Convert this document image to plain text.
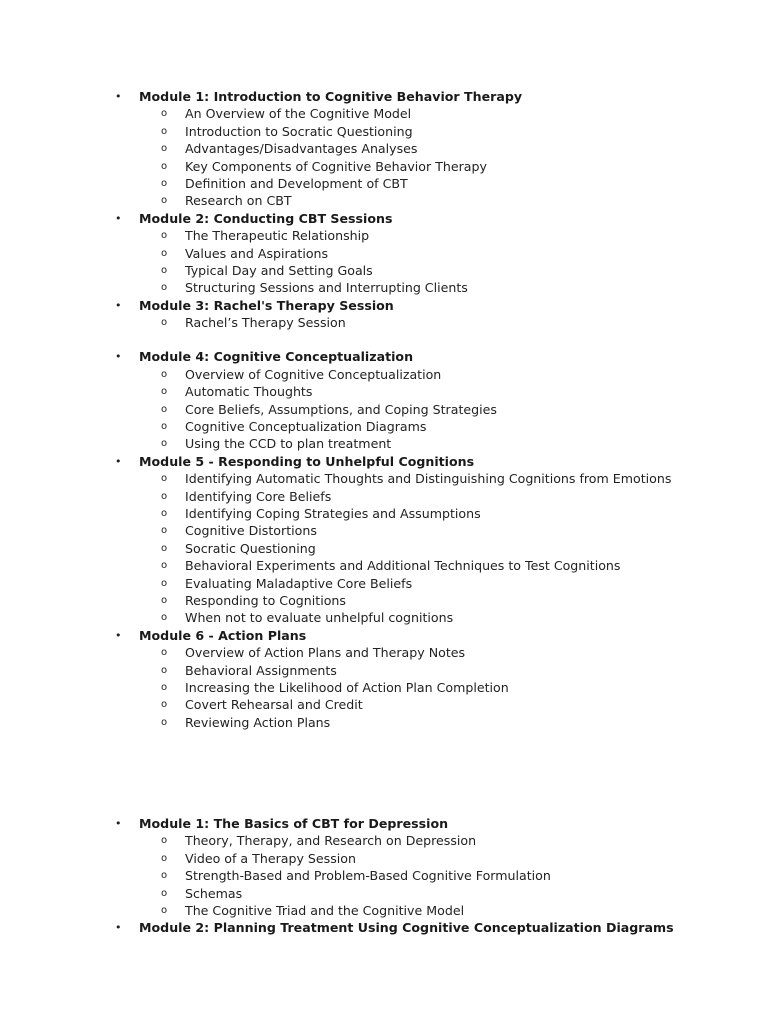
• Module 1: Introduction to Cognitive Behavior Therapy
o An Overview of the Cognitive Model
o Introduction to Socratic Questioning
o Advantages/Disadvantages Analyses
o Key Components of Cognitive Behavior Therapy
o Definition and Development of CBT
o Research on CBT
• Module 2: Conducting CBT Sessions
o The Therapeutic Relationship
o Values and Aspirations
o Typical Day and Setting Goals
o Structuring Sessions and Interrupting Clients
• Module 3: Rachel's Therapy Session
o Rachel’s Therapy Session
• Module 4: Cognitive Conceptualization
o Overview of Cognitive Conceptualization
o Automatic Thoughts
o Core Beliefs, Assumptions, and Coping Strategies
o Cognitive Conceptualization Diagrams
o Using the CCD to plan treatment
• Module 5 - Responding to Unhelpful Cognitions
o Identifying Automatic Thoughts and Distinguishing Cognitions from Emotions
o Identifying Core Beliefs
o Identifying Coping Strategies and Assumptions
o Cognitive Distortions
o Socratic Questioning
o Behavioral Experiments and Additional Techniques to Test Cognitions
o Evaluating Maladaptive Core Beliefs
o Responding to Cognitions
o When not to evaluate unhelpful cognitions
• Module 6 - Action Plans
o Overview of Action Plans and Therapy Notes
o Behavioral Assignments
o Increasing the Likelihood of Action Plan Completion
o Covert Rehearsal and Credit
o Reviewing Action Plans
• Module 1: The Basics of CBT for Depression
o Theory, Therapy, and Research on Depression
o Video of a Therapy Session
o Strength-Based and Problem-Based Cognitive Formulation
o Schemas
o The Cognitive Triad and the Cognitive Model
• Module 2: Planning Treatment Using Cognitive Conceptualization Diagrams
